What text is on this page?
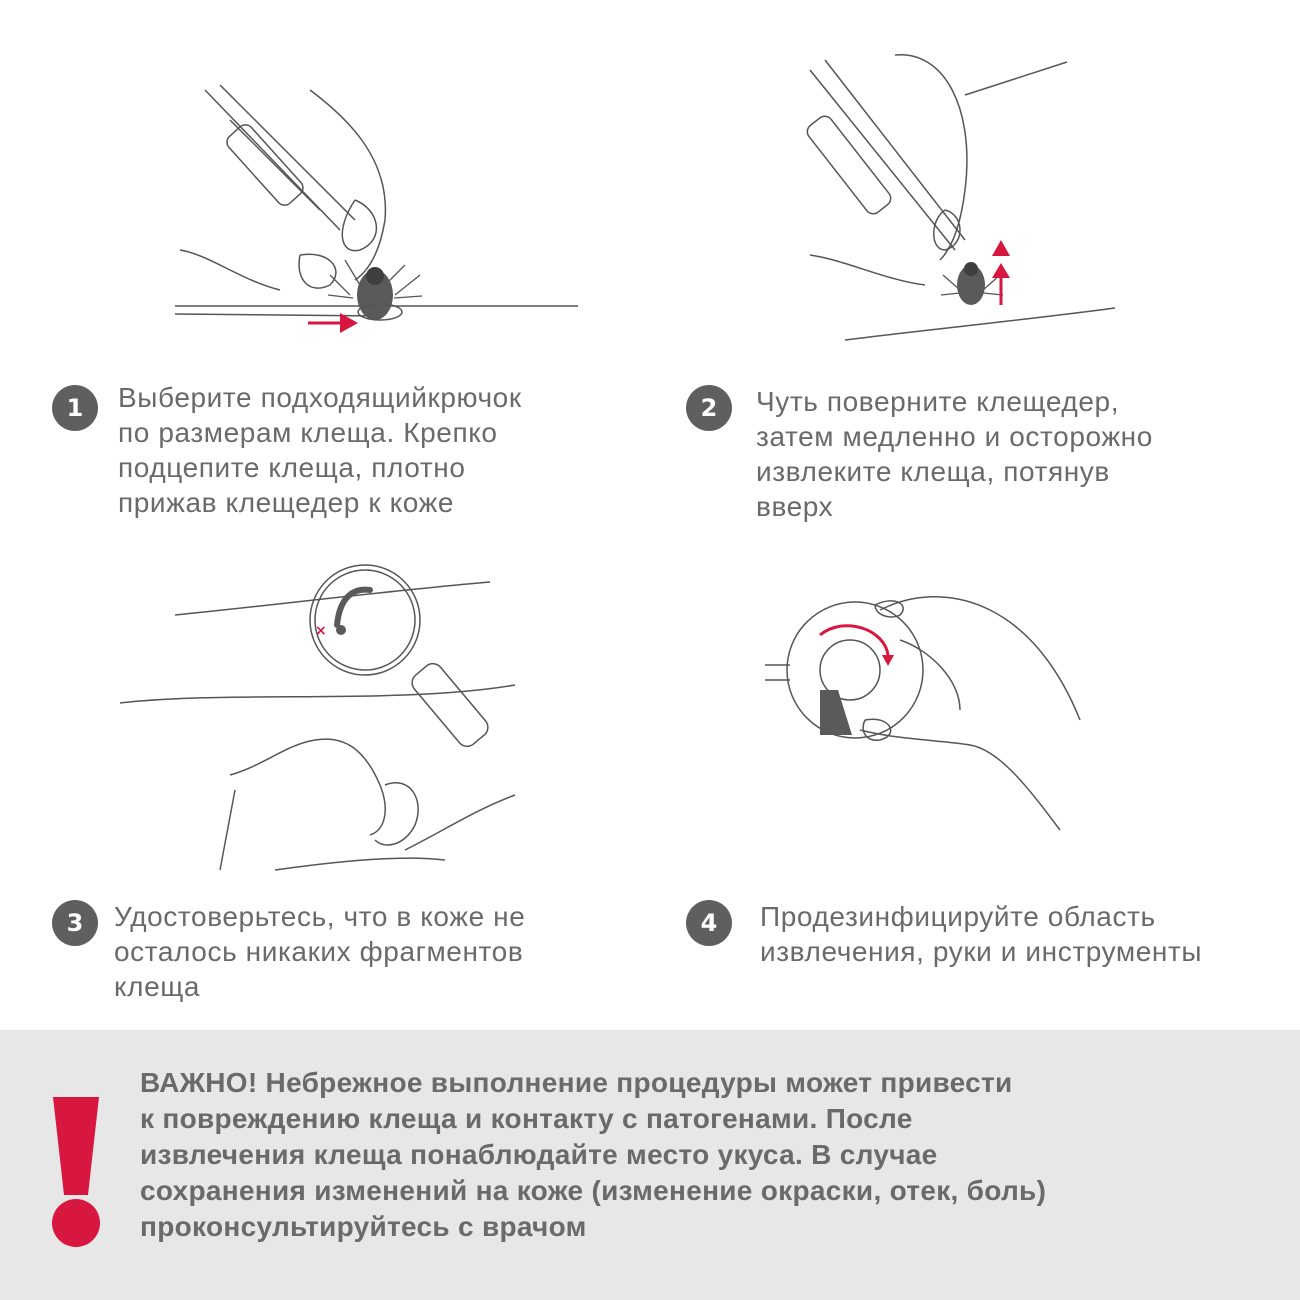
1 Выберите подходящийкрючок
по размерам клеща. Крепко
подцепите клеща, плотно
прижав клещедер к коже
2 Чуть поверните клещедер,
затем медленно и осторожно
извлеките клеща, потянув
вверх
×
3 Удостоверьтесь, что в коже не
осталось никаких фрагментов
клеща
4 Продезинфицируйте область
извлечения, руки и инструменты
ВАЖНО! Небрежное выполнение процедуры может привести
к повреждению клеща и контакту с патогенами. После
извлечения клеща понаблюдайте место укуса. В случае
сохранения изменений на коже (изменение окраски, отек, боль)
проконсультируйтесь с врачом
